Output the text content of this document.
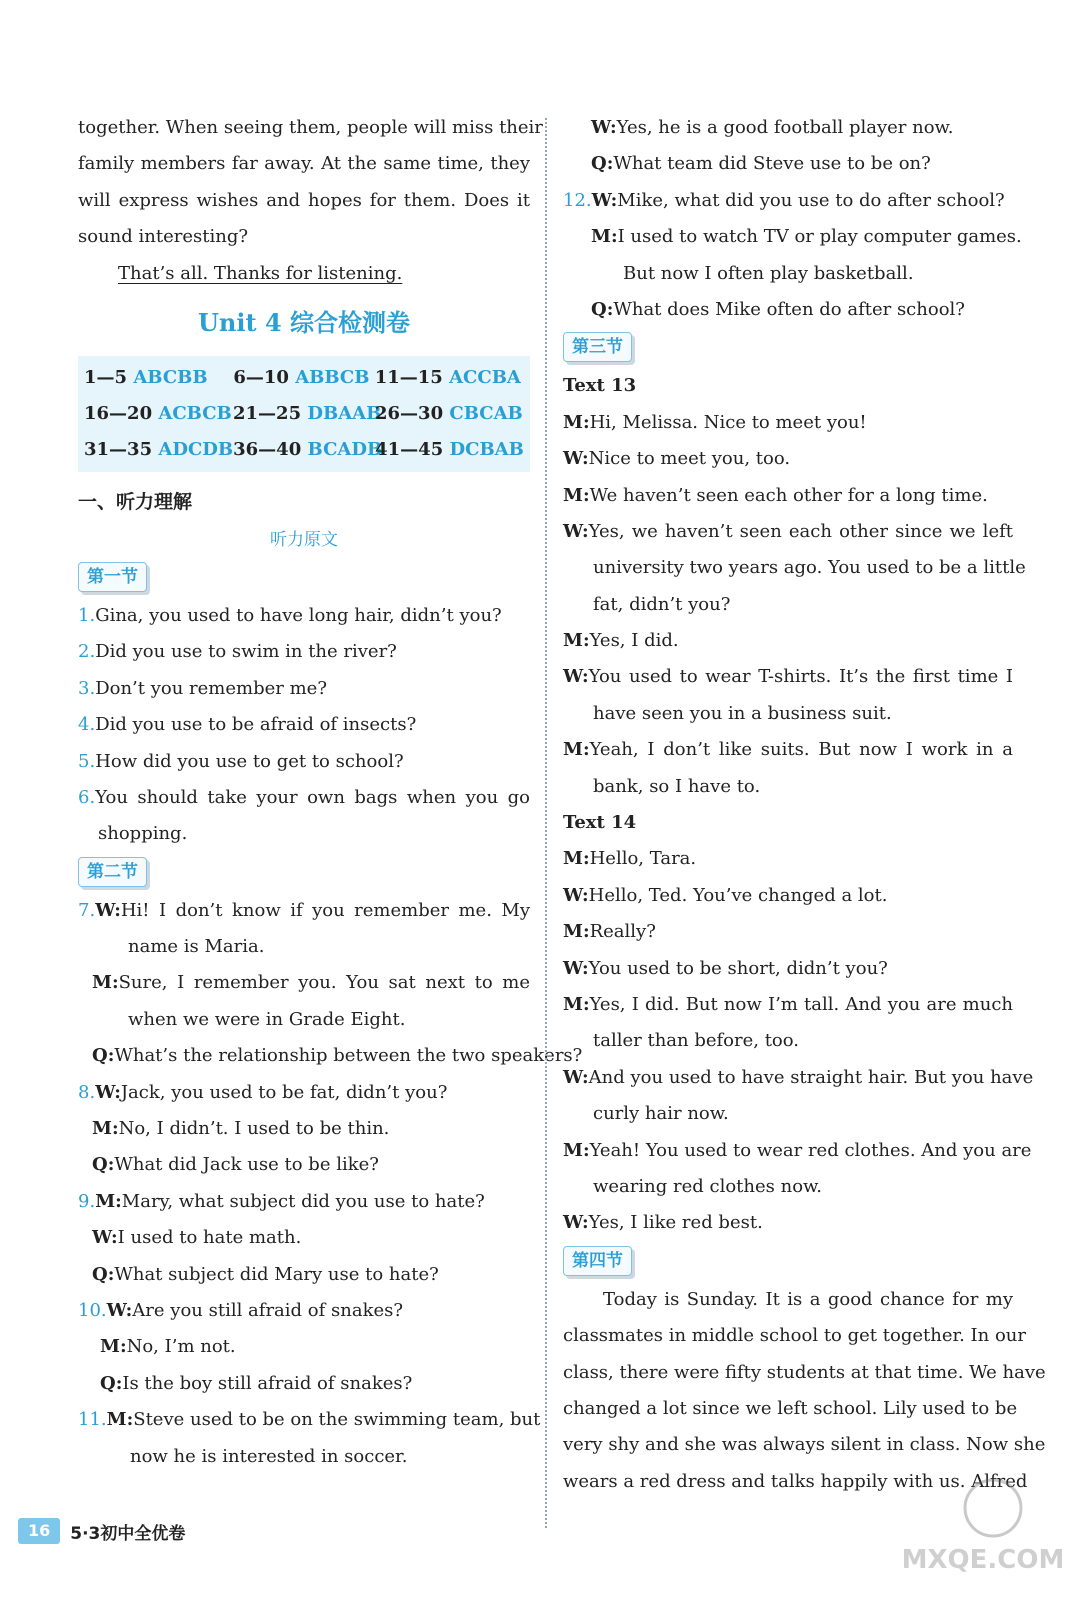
together. When seeing them, people will miss their
family members far away. At the same time, they
will express wishes and hopes for them. Does it
sound interesting?
That’s all. Thanks for listening.
Unit 4 综合检测卷
1—5 ABCBB	6—10 ABBCB 11—15 ACCBA
16—20 ACBCB 21—25 DBAAB
26—30 CBCAB
31—35 ADCDB 36—40 BCADB
41—45 DCBAB
一、听力理解
听力原文
第一节
1.Gina, you used to have long hair, didn’t you?
2.Did you use to swim in the river?
3.Don’t you remember me?
4.Did you use to be afraid of insects?
5.How did you use to get to school?
6.You should take your own bags when you go
shopping.
第二节
7.W:Hi! I don’t know if you remember me. My
name is Maria.
M:Sure, I remember you. You sat next to me
when we were in Grade Eight.
Q:What’s the relationship between the two speakers?
8.W:Jack, you used to be fat, didn’t you?
M:No, I didn’t. I used to be thin.
Q:What did Jack use to be like?
9.M:Mary, what subject did you use to hate?
W:I used to hate math.
Q:What subject did Mary use to hate?
10.W:Are you still afraid of snakes?
M:No, I’m not.
Q:Is the boy still afraid of snakes?
11.M:Steve used to be on the swimming team, but
now he is interested in soccer.
W:Yes, he is a good football player now.
Q:What team did Steve use to be on?
12.W:Mike, what did you use to do after school?
M:I used to watch TV or play computer games.
But now I often play basketball.
Q:What does Mike often do after school?
第三节
Text 13
M:Hi, Melissa. Nice to meet you!
W:Nice to meet you, too.
M:We haven’t seen each other for a long time.
W:Yes, we haven’t seen each other since we left
university two years ago. You used to be a little
fat, didn’t you?
M:Yes, I did.
W:You used to wear T-shirts. It’s the first time I
have seen you in a business suit.
M:Yeah, I don’t like suits. But now I work in a
bank, so I have to.
Text 14
M:Hello, Tara.
W:Hello, Ted. You’ve changed a lot.
M:Really?
W:You used to be short, didn’t you?
M:Yes, I did. But now I’m tall. And you are much
taller than before, too.
W:And you used to have straight hair. But you have
curly hair now.
M:Yeah! You used to wear red clothes. And you are
wearing red clothes now.
W:Yes, I like red best.
第四节
Today is Sunday. It is a good chance for my
classmates in middle school to get together. In our
class, there were fifty students at that time. We have
changed a lot since we left school. Lily used to be
very shy and she was always silent in class. Now she
wears a red dress and talks happily with us. Alfred
16	5·3初中全优卷
MXQE.COM
